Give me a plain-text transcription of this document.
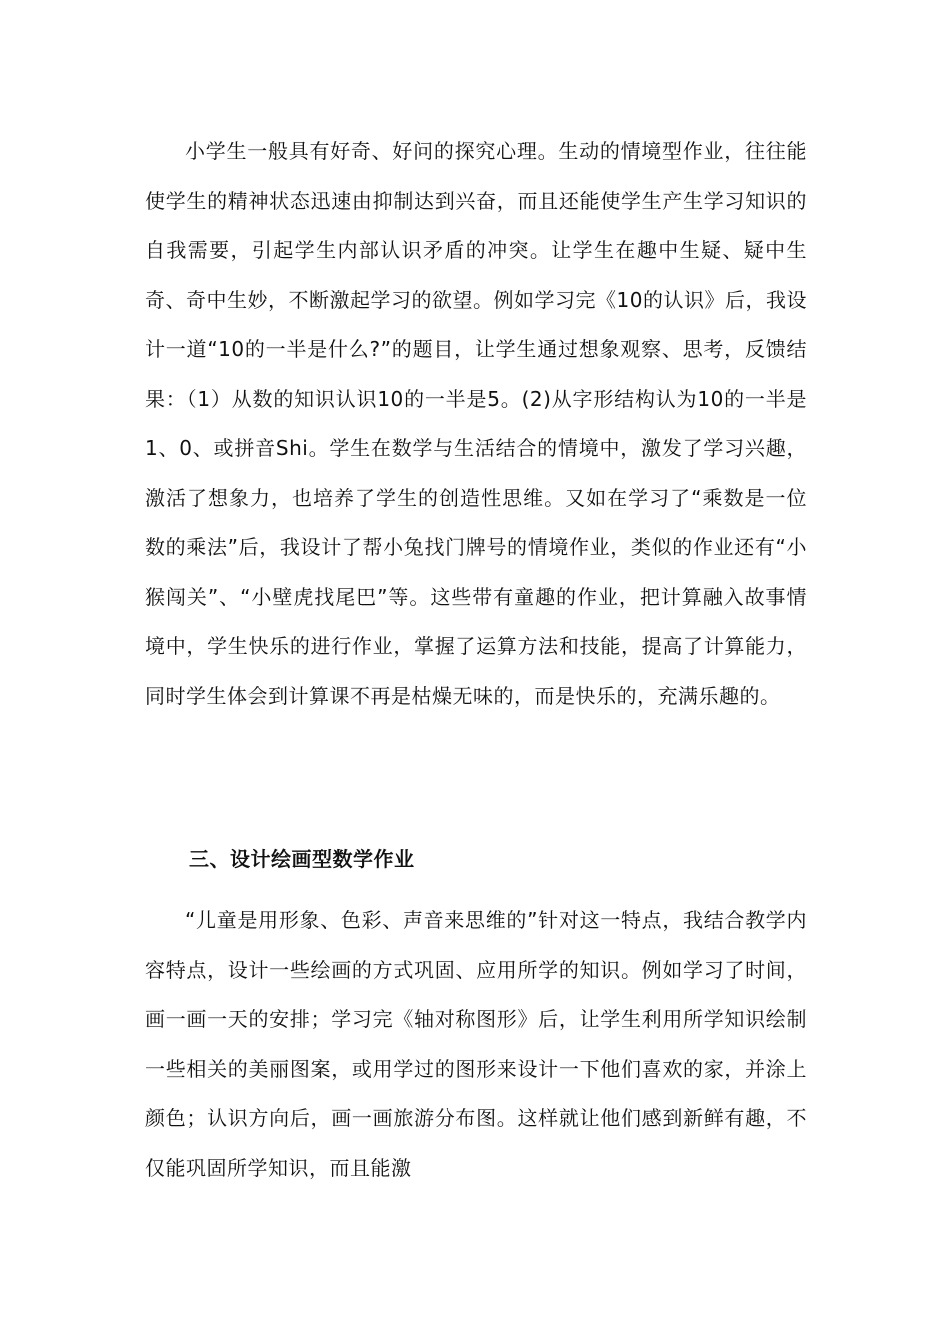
小学生一般具有好奇、好问的探究心理。生动的情境型作业，往往能使学生的精神状态迅速由抑制达到兴奋，而且还能使学生产生学习知识的自我需要，引起学生内部认识矛盾的冲突。让学生在趣中生疑、疑中生奇、奇中生妙，不断激起学习的欲望。例如学习完《10的认识》后，我设计一道“10的一半是什么?”的题目，让学生通过想象观察、思考，反馈结果：（1）从数的知识认识10的一半是5。(2)从字形结构认为10的一半是1、0、或拼音Shi。学生在数学与生活结合的情境中，激发了学习兴趣，激活了想象力，也培养了学生的创造性思维。又如在学习了“乘数是一位数的乘法”后，我设计了帮小兔找门牌号的情境作业，类似的作业还有“小猴闯关”、“小壁虎找尾巴”等。这些带有童趣的作业，把计算融入故事情境中，学生快乐的进行作业，掌握了运算方法和技能，提高了计算能力，同时学生体会到计算课不再是枯燥无味的，而是快乐的，充满乐趣的。

三、设计绘画型数学作业

“儿童是用形象、色彩、声音来思维的”针对这一特点，我结合教学内容特点，设计一些绘画的方式巩固、应用所学的知识。例如学习了时间，画一画一天的安排；学习完《轴对称图形》后，让学生利用所学知识绘制一些相关的美丽图案，或用学过的图形来设计一下他们喜欢的家，并涂上颜色；认识方向后，画一画旅游分布图。这样就让他们感到新鲜有趣，不仅能巩固所学知识，而且能激
